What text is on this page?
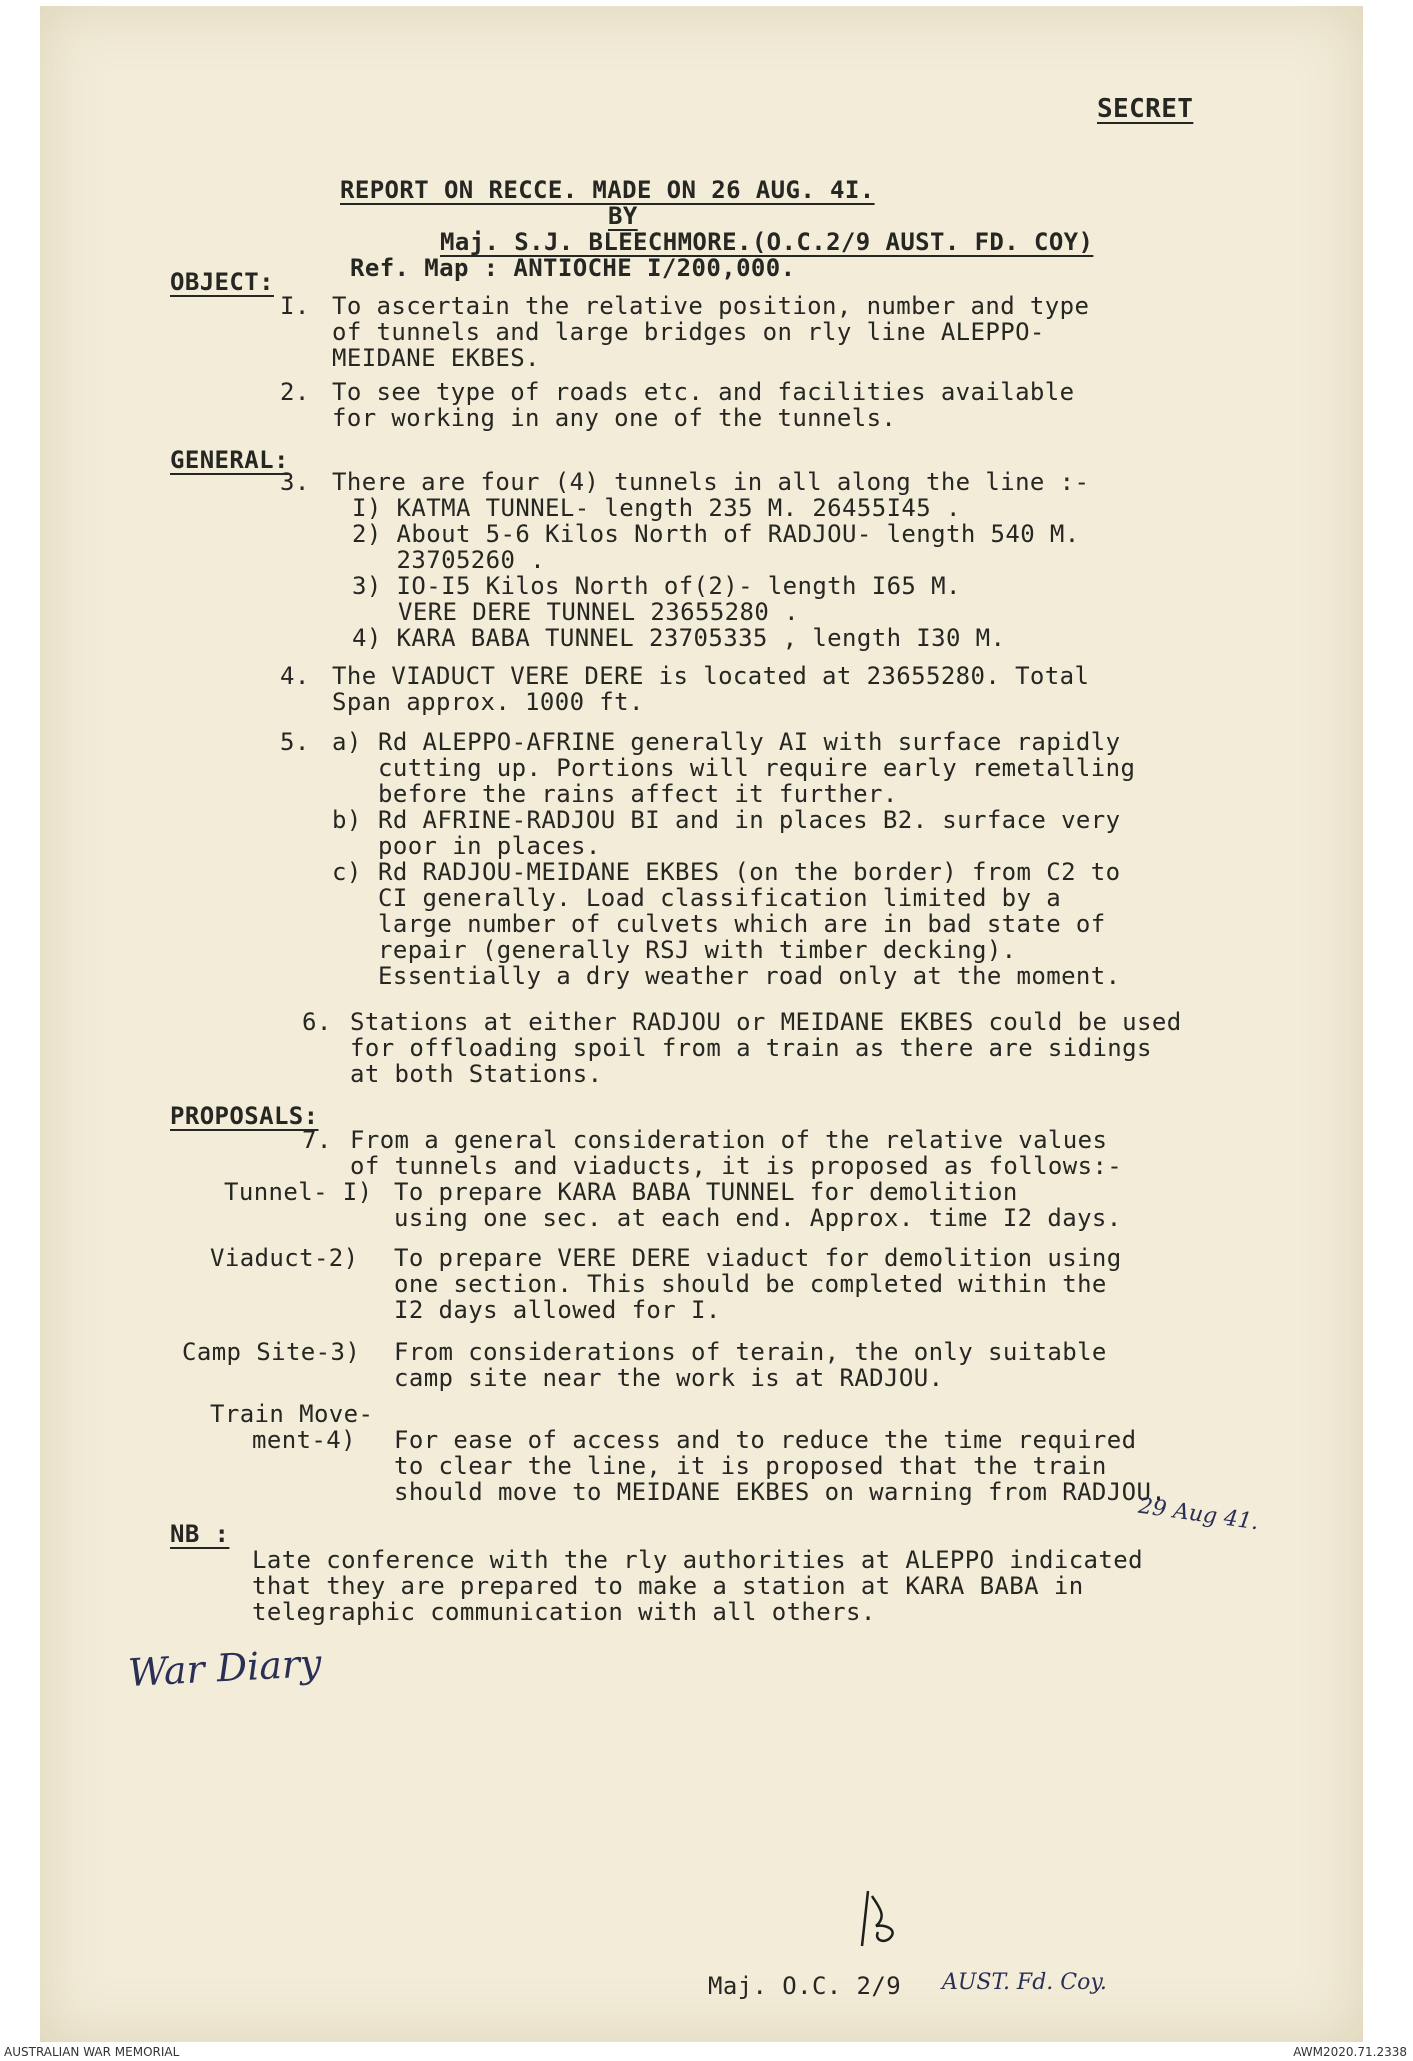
SECRET
REPORT ON RECCE. MADE ON 26 AUG. 4I.
BY
Maj. S.J. BLEECHMORE.(O.C.2/9 AUST. FD. COY)
Ref. Map : ANTIOCHE I/200,000.
OBJECT:
I. To ascertain the relative position, number and type
of tunnels and large bridges on rly line ALEPPO-
MEIDANE EKBES.
2. To see type of roads etc. and facilities available
for working in any one of the tunnels.
GENERAL:
3. There are four (4) tunnels in all along the line :-
I) KATMA TUNNEL- length 235 M. 26455I45 .
2) About 5-6 Kilos North of RADJOU- length 540 M.
23705260 .
3) IO-I5 Kilos North of(2)- length I65 M.
VERE DERE TUNNEL 23655280 .
4) KARA BABA TUNNEL 23705335 , length I30 M.
4. The VIADUCT VERE DERE is located at 23655280. Total
Span approx. 1000 ft.
5. a) Rd ALEPPO-AFRINE generally AI with surface rapidly
cutting up. Portions will require early remetalling
before the rains affect it further.
b) Rd AFRINE-RADJOU BI and in places B2. surface very
poor in places.
c) Rd RADJOU-MEIDANE EKBES (on the border) from C2 to
CI generally. Load classification limited by a
large number of culvets which are in bad state of
repair (generally RSJ with timber decking).
Essentially a dry weather road only at the moment.
6. Stations at either RADJOU or MEIDANE EKBES could be used
for offloading spoil from a train as there are sidings
at both Stations.
PROPOSALS:
7. From a general consideration of the relative values
of tunnels and viaducts, it is proposed as follows:-
Tunnel- I) To prepare KARA BABA TUNNEL for demolition
using one sec. at each end. Approx. time I2 days.
Viaduct-2) To prepare VERE DERE viaduct for demolition using
one section. This should be completed within the
I2 days allowed for I.
Camp Site-3) From considerations of terain, the only suitable
camp site near the work is at RADJOU.
Train Move-
ment-4) For ease of access and to reduce the time required
to clear the line, it is proposed that the train
should move to MEIDANE EKBES on warning from RADJOU.
29 Aug 41.
NB :
Late conference with the rly authorities at ALEPPO indicated
that they are prepared to make a station at KARA BABA in
telegraphic communication with all others.
War Diary
Maj. O.C. 2/9 AUST. Fd. Coy.
AUSTRALIAN WAR MEMORIAL	AWM2020.71.2338
